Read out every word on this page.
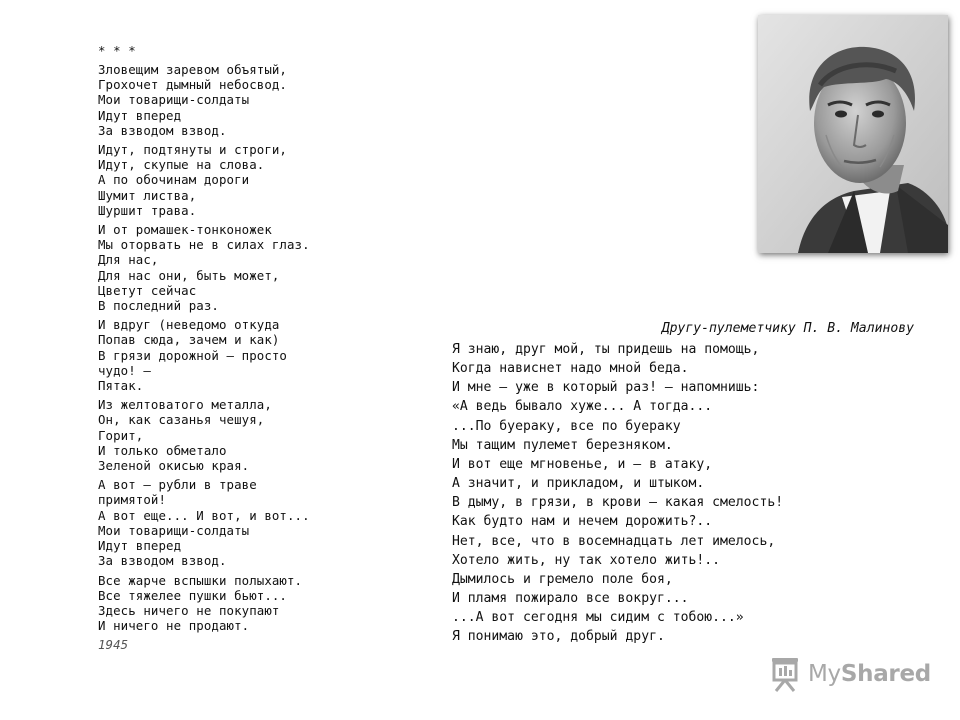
* * *
Зловещим заревом объятый,
Грохочет дымный небосвод.
Мои товарищи-солдаты
Идут вперед
За взводом взвод.
Идут, подтянуты и строги,
Идут, скупые на слова.
А по обочинам дороги
Шумит листва,
Шуршит трава.
И от ромашек-тонконожек
Мы оторвать не в силах глаз.
Для нас,
Для нас они, быть может,
Цветут сейчас
В последний раз.
И вдруг (неведомо откуда
Попав сюда, зачем и как)
В грязи дорожной – просто
чудо! –
Пятак.
Из желтоватого металла,
Он, как сазанья чешуя,
Горит,
И только обметало
Зеленой окисью края.
А вот – рубли в траве
примятой!
А вот еще... И вот, и вот...
Мои товарищи-солдаты
Идут вперед
За взводом взвод.
Все жарче вспышки полыхают.
Все тяжелее пушки бьют...
Здесь ничего не покупают
И ничего не продают.
1945
Другу-пулеметчику П. В. Малинову
Я знаю, друг мой, ты придешь на помощь,
Когда нависнет надо мной беда.
И мне – уже в который раз! – напомнишь:
«А ведь бывало хуже... А тогда...
...По буераку, все по буераку
Мы тащим пулемет березняком.
И вот еще мгновенье, и – в атаку,
А значит, и прикладом, и штыком.
В дыму, в грязи, в крови – какая смелость!
Как будто нам и нечем дорожить?..
Нет, все, что в восемнадцать лет имелось,
Хотело жить, ну так хотело жить!..
Дымилось и гремело поле боя,
И пламя пожирало все вокруг...
...А вот сегодня мы сидим с тобою...»
Я понимаю это, добрый друг.
MyShared
